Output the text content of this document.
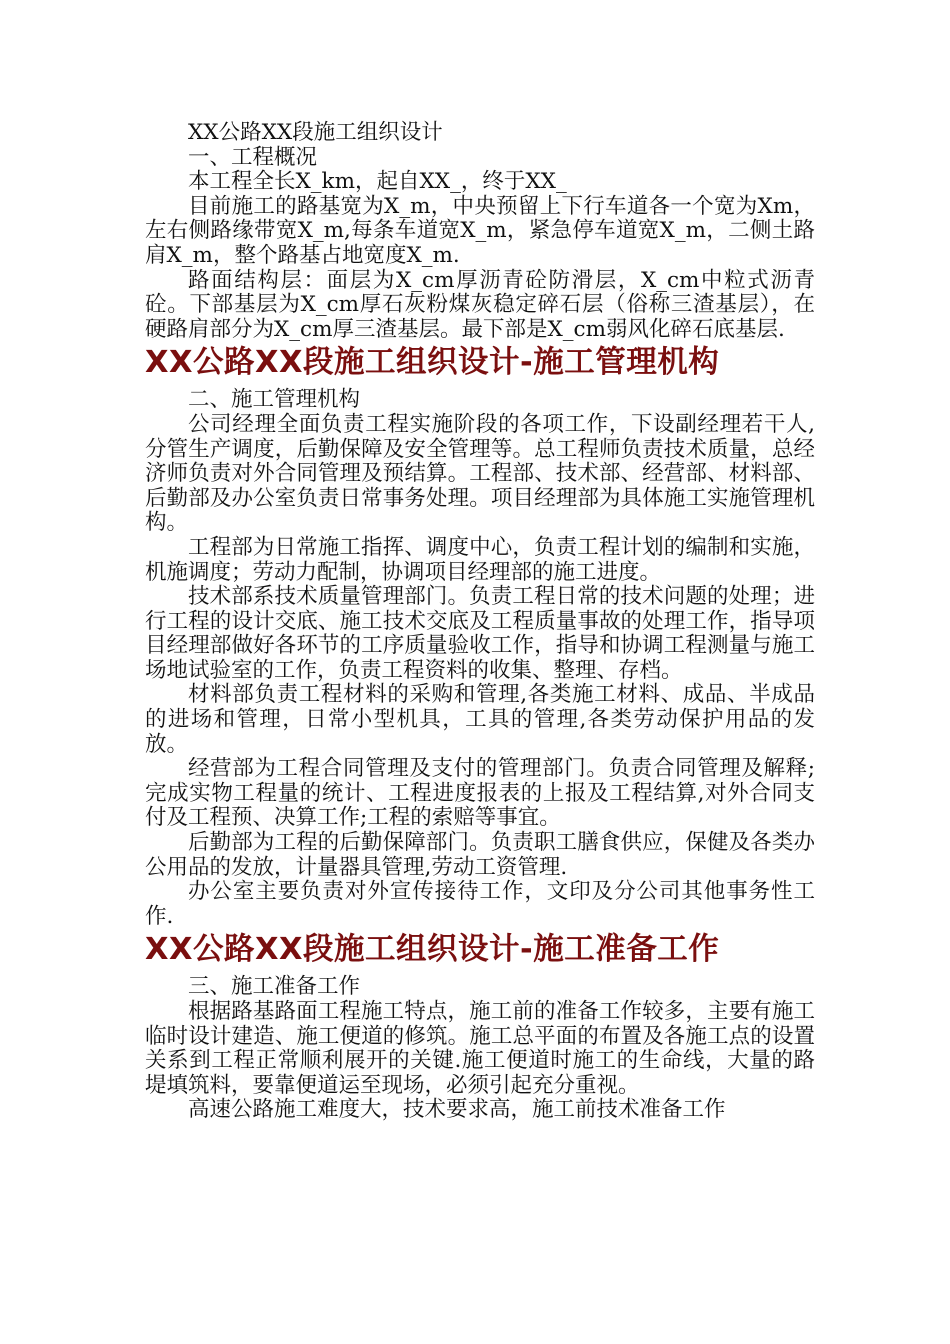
XX公路XX段施工组织设计

一、工程概况

本工程全长X_km，起自XX_，终于XX_

目前施工的路基宽为X_m，中央预留上下行车道各一个宽为Xm，左右侧路缘带宽X_m,每条车道宽X_m，紧急停车道宽X_m，二侧土路肩X_m，整个路基占地宽度X_m.

路面结构层：面层为X_cm厚沥青砼防滑层，X_cm中粒式沥青砼。下部基层为X_cm厚石灰粉煤灰稳定碎石层（俗称三渣基层），在硬路肩部分为X_cm厚三渣基层。最下部是X_cm弱风化碎石底基层.

XX公路XX段施工组织设计-施工管理机构

二、施工管理机构

公司经理全面负责工程实施阶段的各项工作，下设副经理若干人,分管生产调度，后勤保障及安全管理等。总工程师负责技术质量，总经济师负责对外合同管理及预结算。工程部、技术部、经营部、材料部、后勤部及办公室负责日常事务处理。项目经理部为具体施工实施管理机构。

工程部为日常施工指挥、调度中心，负责工程计划的编制和实施，机施调度；劳动力配制，协调项目经理部的施工进度。

技术部系技术质量管理部门。负责工程日常的技术问题的处理；进行工程的设计交底、施工技术交底及工程质量事故的处理工作，指导项目经理部做好各环节的工序质量验收工作，指导和协调工程测量与施工场地试验室的工作，负责工程资料的收集、整理、存档。

材料部负责工程材料的采购和管理,各类施工材料、成品、半成品的进场和管理，日常小型机具，工具的管理,各类劳动保护用品的发放。

经营部为工程合同管理及支付的管理部门。负责合同管理及解释;完成实物工程量的统计、工程进度报表的上报及工程结算,对外合同支付及工程预、决算工作;工程的索赔等事宜。

后勤部为工程的后勤保障部门。负责职工膳食供应，保健及各类办公用品的发放，计量器具管理,劳动工资管理.

办公室主要负责对外宣传接待工作，文印及分公司其他事务性工作.

XX公路XX段施工组织设计-施工准备工作

三、施工准备工作

根据路基路面工程施工特点，施工前的准备工作较多，主要有施工临时设计建造、施工便道的修筑。施工总平面的布置及各施工点的设置关系到工程正常顺利展开的关键.施工便道时施工的生命线，大量的路堤填筑料，要靠便道运至现场，必须引起充分重视。

高速公路施工难度大，技术要求高，施工前技术准备工作
